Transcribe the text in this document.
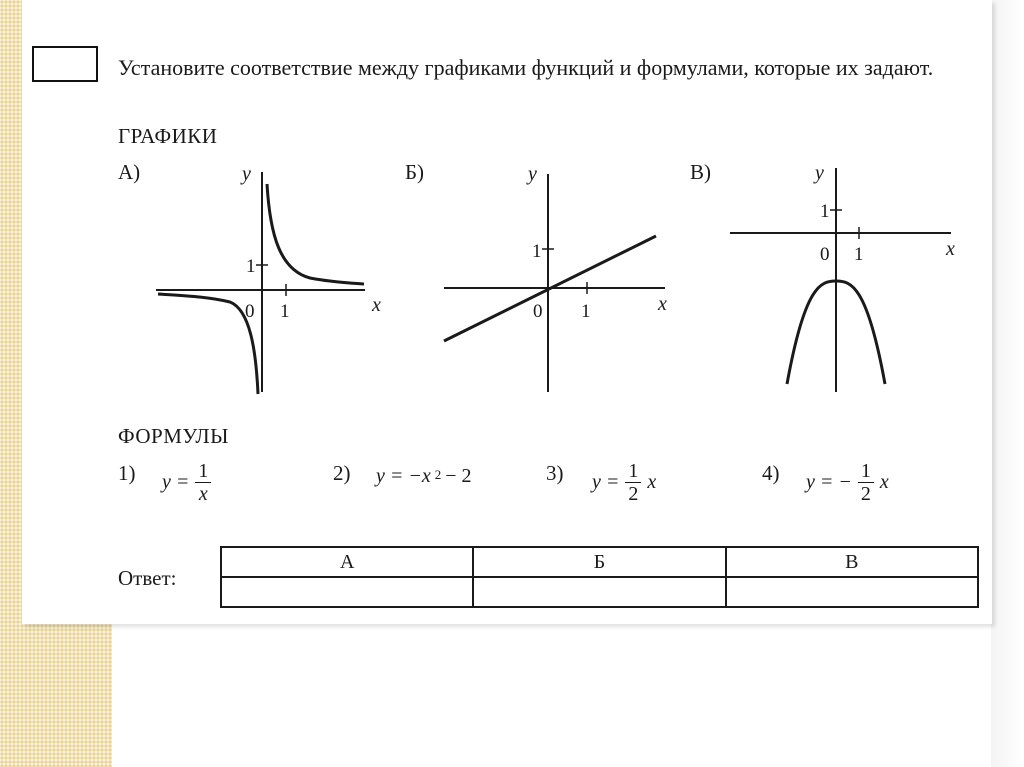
Установите соответствие между графиками функций и формулами, которые их задают.

ГРАФИКИ
А)	y
x
0 1
1
Б)	y
x
0 1
1
В)	y
x
0 1
1
ФОРМУЛЫ
1) $y = \frac{1}{x}$	2) y = −x $^2$ − 2	3) $y = \frac{1}{2}$ x	4) y = − $\frac{1}{2}$ x
Ответ:
А	Б	В
